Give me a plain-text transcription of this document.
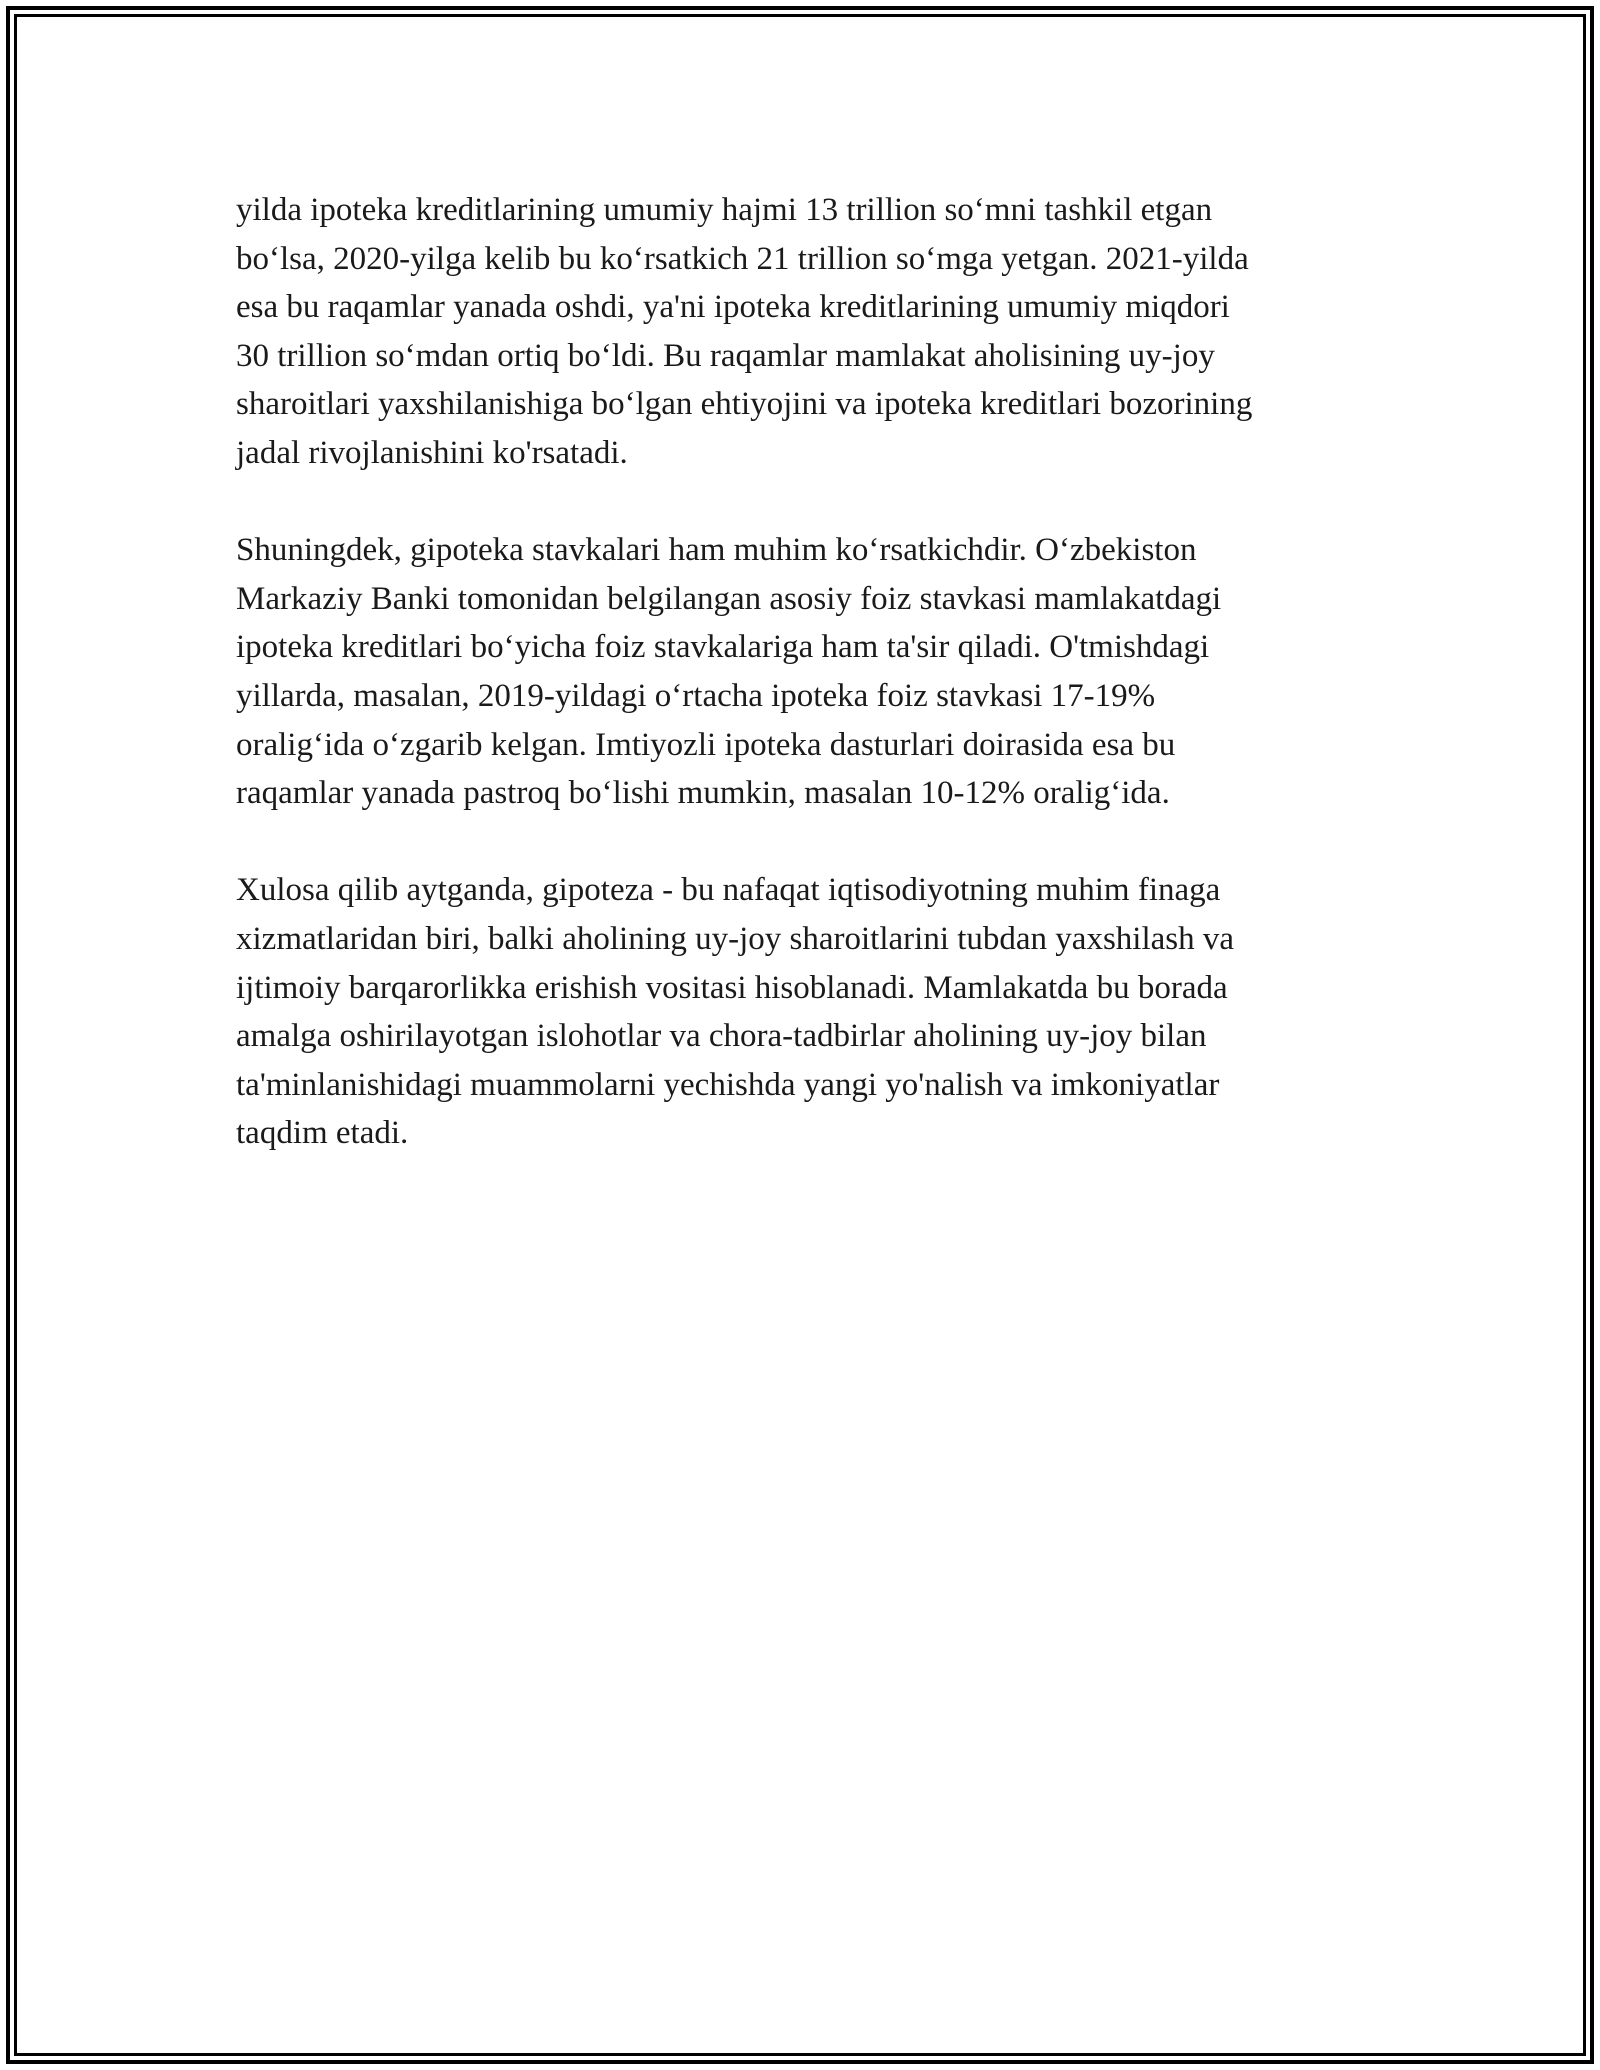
yilda ipoteka kreditlarining umumiy hajmi 13 trillion so‘mni tashkil etgan
bo‘lsa, 2020-yilga kelib bu ko‘rsatkich 21 trillion so‘mga yetgan. 2021-yilda
esa bu raqamlar yanada oshdi, ya'ni ipoteka kreditlarining umumiy miqdori
30 trillion so‘mdan ortiq bo‘ldi. Bu raqamlar mamlakat aholisining uy-joy
sharoitlari yaxshilanishiga bo‘lgan ehtiyojini va ipoteka kreditlari bozorining
jadal rivojlanishini ko'rsatadi.

Shuningdek, gipoteka stavkalari ham muhim ko‘rsatkichdir. O‘zbekiston
Markaziy Banki tomonidan belgilangan asosiy foiz stavkasi mamlakatdagi
ipoteka kreditlari bo‘yicha foiz stavkalariga ham ta'sir qiladi. O'tmishdagi
yillarda, masalan, 2019-yildagi o‘rtacha ipoteka foiz stavkasi 17-19%
oralig‘ida o‘zgarib kelgan. Imtiyozli ipoteka dasturlari doirasida esa bu
raqamlar yanada pastroq bo‘lishi mumkin, masalan 10-12% oralig‘ida.

Xulosa qilib aytganda, gipoteza - bu nafaqat iqtisodiyotning muhim finaga
xizmatlaridan biri, balki aholining uy-joy sharoitlarini tubdan yaxshilash va
ijtimoiy barqarorlikka erishish vositasi hisoblanadi. Mamlakatda bu borada
amalga oshirilayotgan islohotlar va chora-tadbirlar aholining uy-joy bilan
ta'minlanishidagi muammolarni yechishda yangi yo'nalish va imkoniyatlar
taqdim etadi.
